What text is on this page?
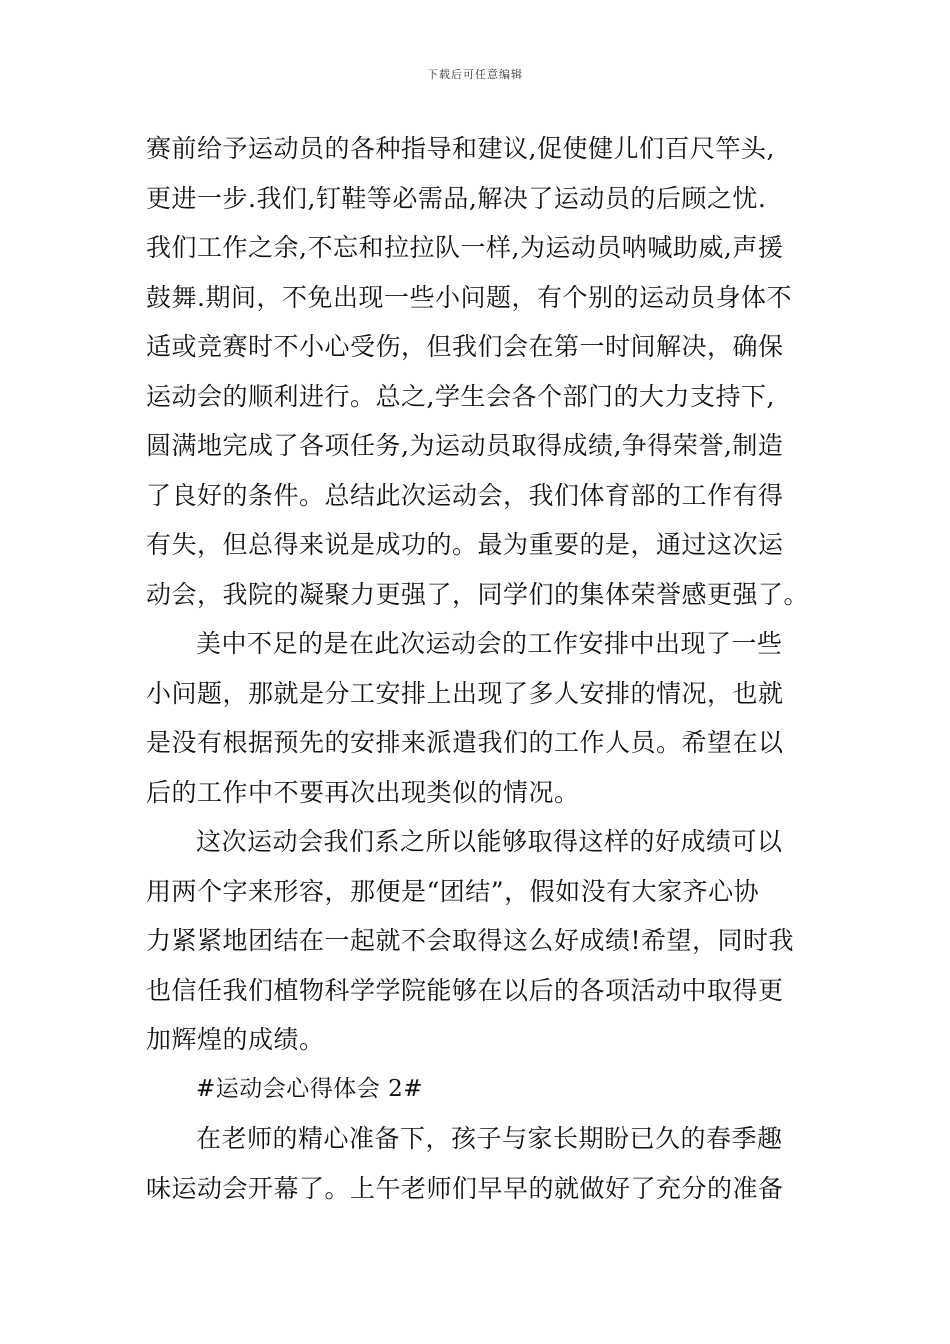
下载后可任意编辑
赛前给予运动员的各种指导和建议,促使健儿们百尺竿头,
更进一步.我们,钉鞋等必需品,解决了运动员的后顾之忧.
我们工作之余,不忘和拉拉队一样,为运动员呐喊助威,声援
鼓舞.期间，不免出现一些小问题，有个别的运动员身体不
适或竞赛时不小心受伤，但我们会在第一时间解决，确保
运动会的顺利进行。总之,学生会各个部门的大力支持下,
圆满地完成了各项任务,为运动员取得成绩,争得荣誉,制造
了良好的条件。总结此次运动会，我们体育部的工作有得
有失，但总得来说是成功的。最为重要的是，通过这次运
动会，我院的凝聚力更强了，同学们的集体荣誉感更强了。
美中不足的是在此次运动会的工作安排中出现了一些
小问题，那就是分工安排上出现了多人安排的情况，也就
是没有根据预先的安排来派遣我们的工作人员。希望在以
后的工作中不要再次出现类似的情况。
这次运动会我们系之所以能够取得这样的好成绩可以
用两个字来形容，那便是“团结”，假如没有大家齐心协
力紧紧地团结在一起就不会取得这么好成绩!希望，同时我
也信任我们植物科学学院能够在以后的各项活动中取得更
加辉煌的成绩。
#运动会心得体会 2#
在老师的精心准备下，孩子与家长期盼已久的春季趣
味运动会开幕了。上午老师们早早的就做好了充分的准备
